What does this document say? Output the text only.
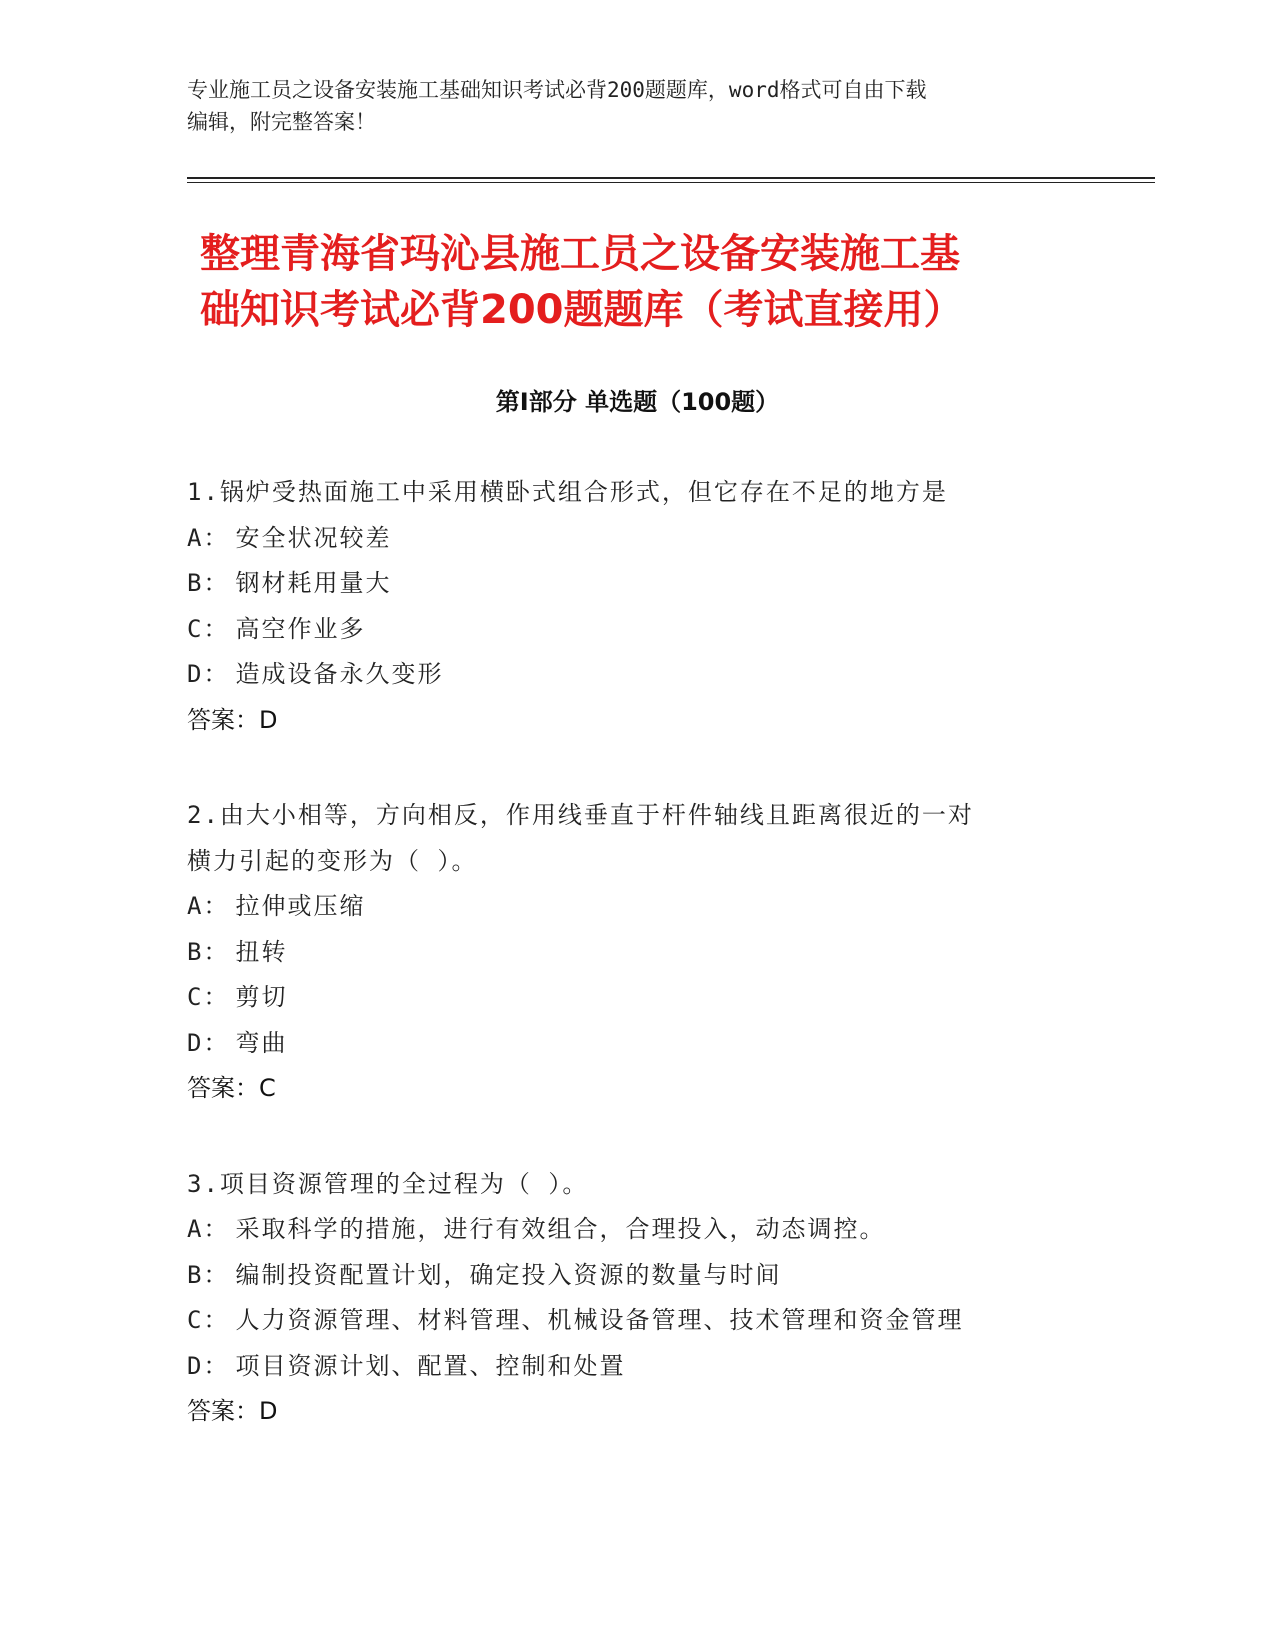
专业施工员之设备安装施工基础知识考试必背200题题库，word格式可自由下载
编辑，附完整答案！
整理青海省玛沁县施工员之设备安装施工基
础知识考试必背200题题库（考试直接用）
第Ⅰ部分 单选题（100题）
1.锅炉受热面施工中采用横卧式组合形式，但它存在不足的地方是
A： 安全状况较差
B： 钢材耗用量大
C： 高空作业多
D： 造成设备永久变形
答案：D
2.由大小相等，方向相反，作用线垂直于杆件轴线且距离很近的一对
横力引起的变形为（ ）。
A： 拉伸或压缩
B： 扭转
C： 剪切
D： 弯曲
答案：C
3.项目资源管理的全过程为（ ）。
A： 采取科学的措施，进行有效组合，合理投入，动态调控。
B： 编制投资配置计划，确定投入资源的数量与时间
C： 人力资源管理、材料管理、机械设备管理、技术管理和资金管理
D： 项目资源计划、配置、控制和处置
答案：D
